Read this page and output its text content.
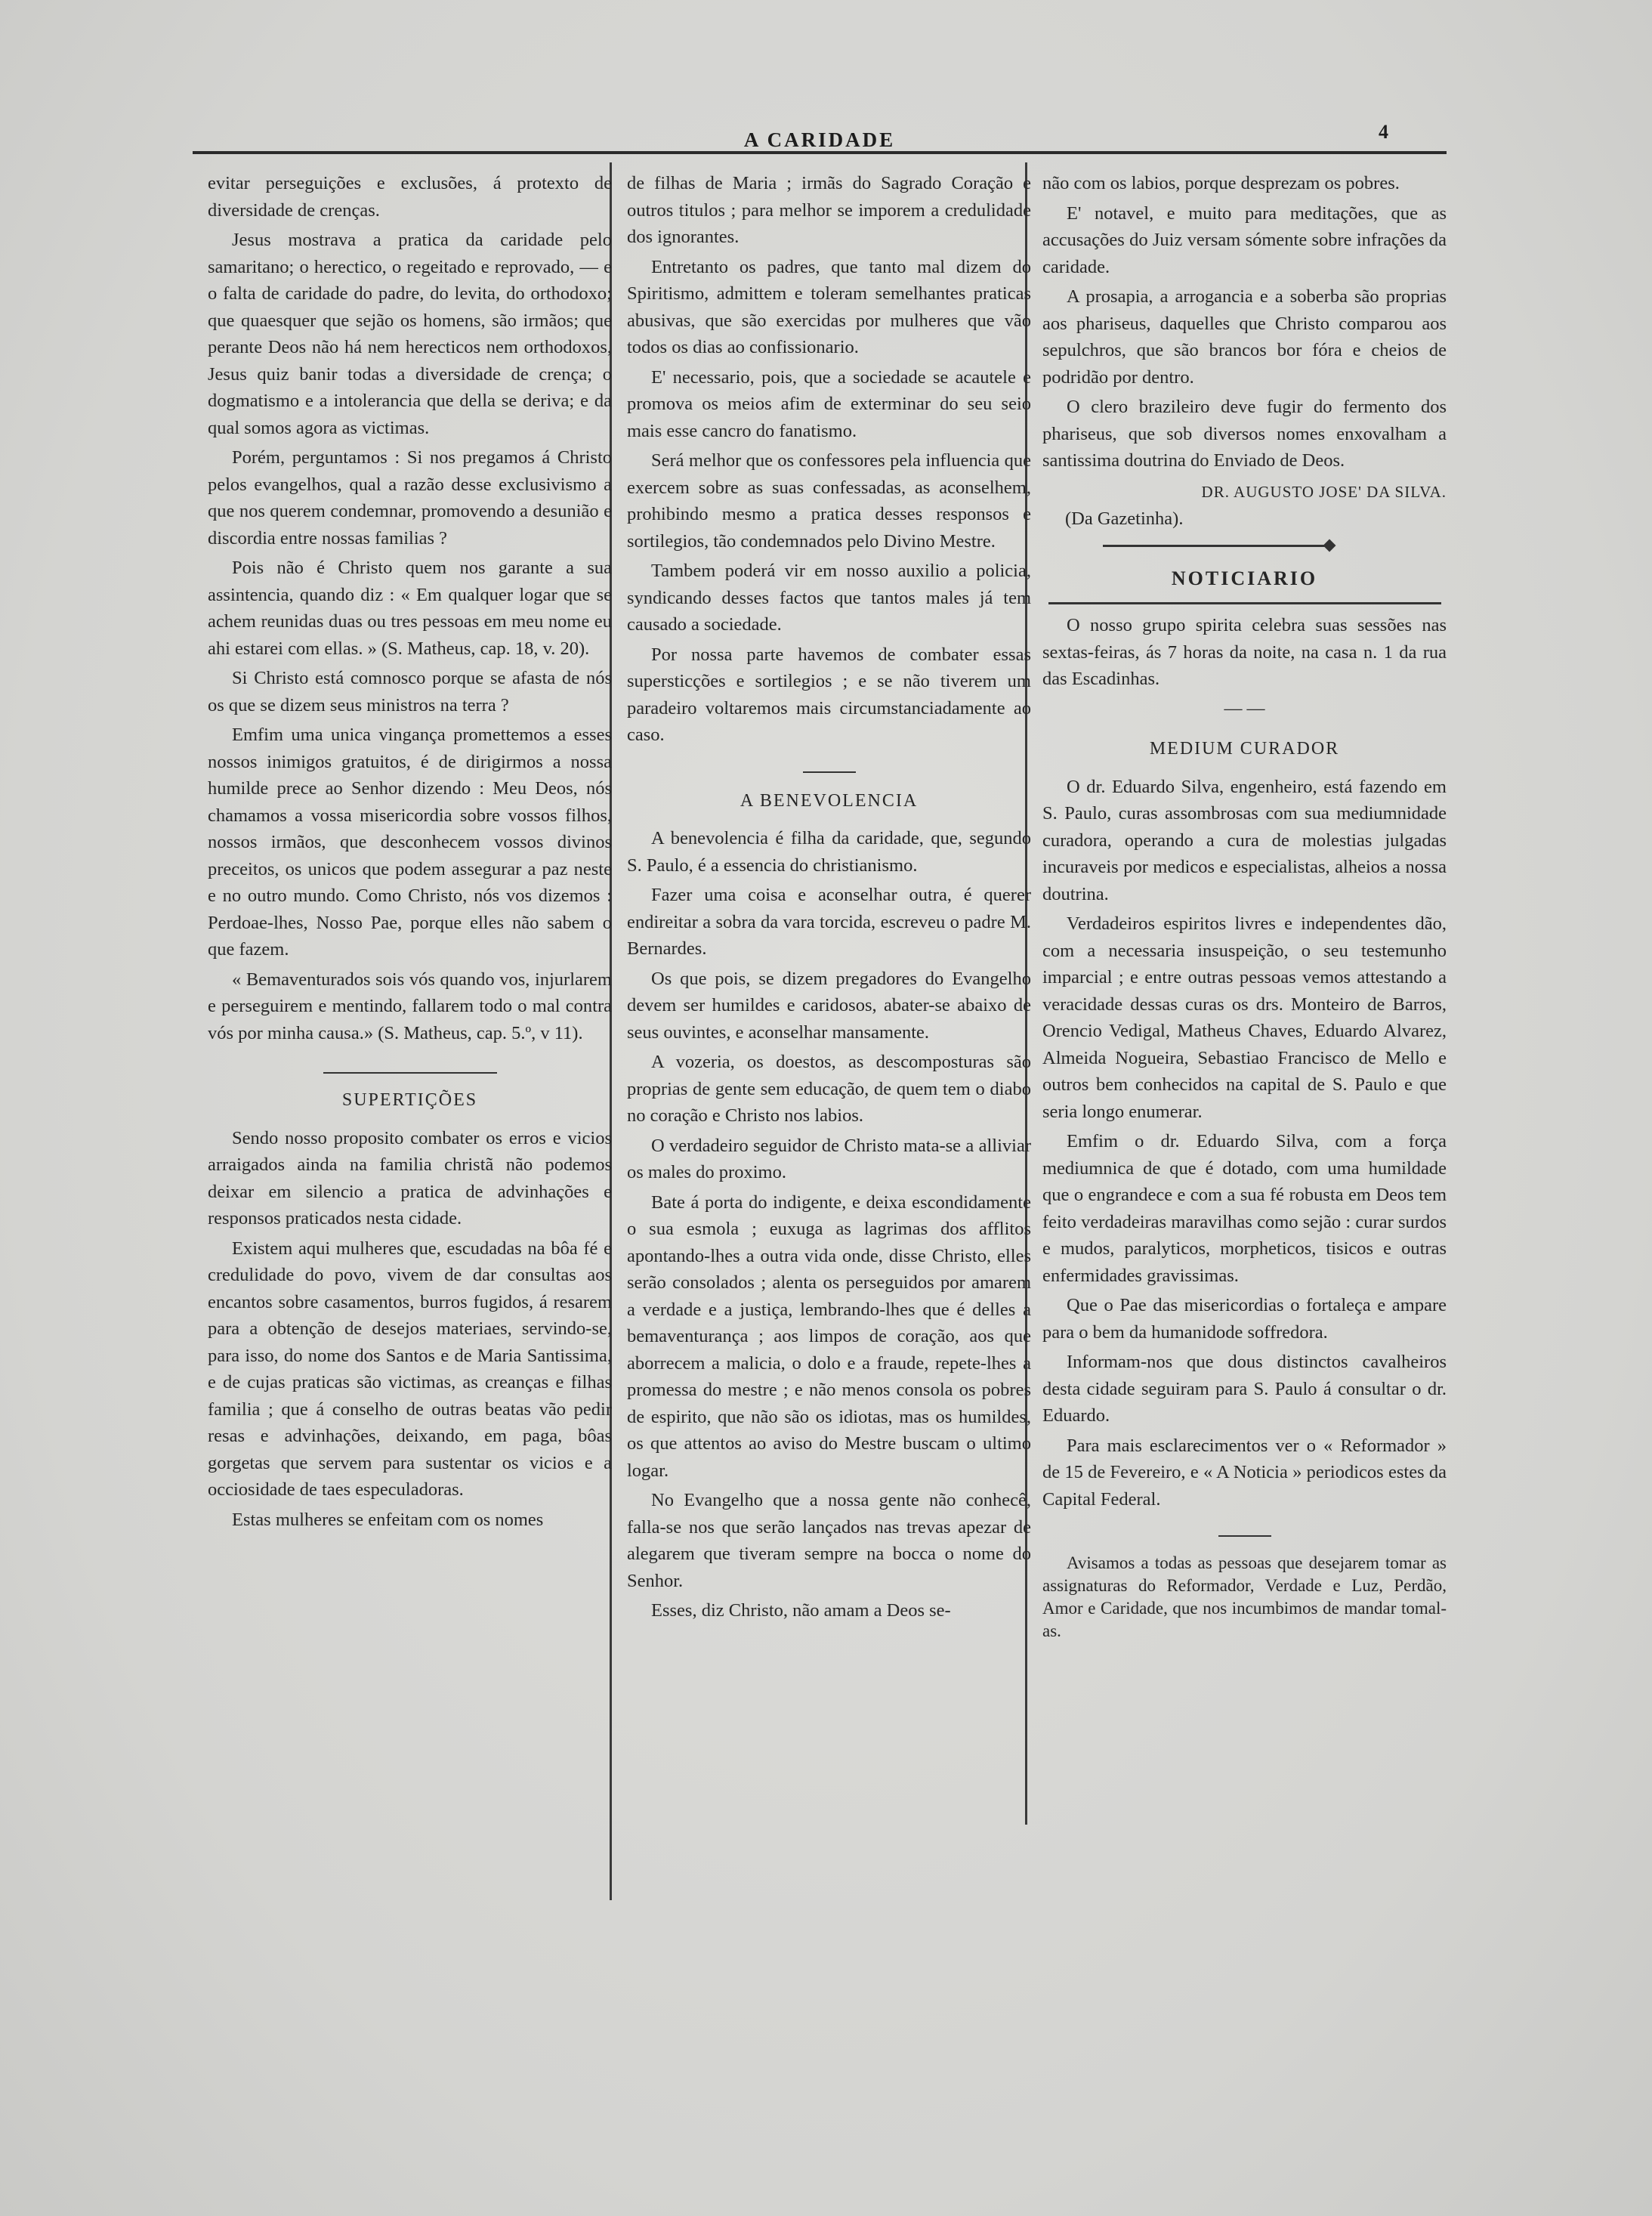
A CARIDADE	4

evitar perseguições e exclusões, á protexto de diversidade de crenças.

Jesus mostrava a pratica da caridade pelo samaritano; o herectico, o regeitado e reprovado, — e o falta de caridade do padre, do levita, do orthodoxo; que quaesquer que sejão os homens, são irmãos; que perante Deos não há nem herecticos nem orthodoxos, Jesus quiz banir todas a diversidade de crença; o dogmatismo e a intolerancia que della se deriva; e da qual somos agora as victimas.

Porém, perguntamos : Si nos pregamos á Christo pelos evangelhos, qual a razão desse exclusivismo a que nos querem condemnar, promovendo a desunião e discordia entre nossas familias ?

Pois não é Christo quem nos garante a sua assintencia, quando diz : « Em qualquer logar que se achem reunidas duas ou tres pessoas em meu nome eu ahi estarei com ellas. » (S. Matheus, cap. 18, v. 20).

Si Christo está comnosco porque se afasta de nós os que se dizem seus ministros na terra ?

Emfim uma unica vingança promettemos a esses nossos inimigos gratuitos, é de dirigirmos a nossa humilde prece ao Senhor dizendo : Meu Deos, nós chamamos a vossa misericordia sobre vossos filhos, nossos irmãos, que desconhecem vossos divinos preceitos, os unicos que podem assegurar a paz neste e no outro mundo. Como Christo, nós vos dizemos : Perdoae-lhes, Nosso Pae, porque elles não sabem o que fazem.

« Bemaventurados sois vós quando vos, injurlarem e perseguirem e mentindo, fallarem todo o mal contra vós por minha causa.» (S. Matheus, cap. 5.º, v 11).

SUPERTIÇÕES

Sendo nosso proposito combater os erros e vicios arraigados ainda na familia christã não podemos deixar em silencio a pratica de advinhações e responsos praticados nesta cidade.

Existem aqui mulheres que, escudadas na bôa fé e credulidade do povo, vivem de dar consultas aos encantos sobre casamentos, burros fugidos, á resarem para a obtenção de desejos materiaes, servindo-se, para isso, do nome dos Santos e de Maria Santissima, e de cujas praticas são victimas, as creanças e filhas familia ; que á conselho de outras beatas vão pedir resas e advinhações, deixando, em paga, bôas gorgetas que servem para sustentar os vicios e a occiosidade de taes especuladoras.

Estas mulheres se enfeitam com os nomes

de filhas de Maria ; irmãs do Sagrado Coração e outros titulos ; para melhor se imporem a credulidade dos ignorantes.

Entretanto os padres, que tanto mal dizem do Spiritismo, admittem e toleram semelhantes praticas abusivas, que são exercidas por mulheres que vão todos os dias ao confissionario.

E' necessario, pois, que a sociedade se acautele e promova os meios afim de exterminar do seu seio mais esse cancro do fanatismo.

Será melhor que os confessores pela influencia que exercem sobre as suas confessadas, as aconselhem, prohibindo mesmo a pratica desses responsos e sortilegios, tão condemnados pelo Divino Mestre.

Tambem poderá vir em nosso auxilio a policia, syndicando desses factos que tantos males já tem causado a sociedade.

Por nossa parte havemos de combater essas supersticções e sortilegios ; e se não tiverem um paradeiro voltaremos mais circumstanciadamente ao caso.

A BENEVOLENCIA

A benevolencia é filha da caridade, que, segundo S. Paulo, é a essencia do christianismo.

Fazer uma coisa e aconselhar outra, é querer endireitar a sobra da vara torcida, escreveu o padre M. Bernardes.

Os que pois, se dizem pregadores do Evangelho devem ser humildes e caridosos, abater-se abaixo de seus ouvintes, e aconselhar mansamente.

A vozeria, os doestos, as descomposturas são proprias de gente sem educação, de quem tem o diabo no coração e Christo nos labios.

O verdadeiro seguidor de Christo mata-se a alliviar os males do proximo.

Bate á porta do indigente, e deixa escondidamente o sua esmola ; euxuga as lagrimas dos afflitos apontando-lhes a outra vida onde, disse Christo, elles serão consolados ; alenta os perseguidos por amarem a verdade e a justiça, lembrando-lhes que é delles a bemaventurança ; aos limpos de coração, aos que aborrecem a malicia, o dolo e a fraude, repete-lhes a promessa do mestre ; e não menos consola os pobres de espirito, que não são os idiotas, mas os humildes, os que attentos ao aviso do Mestre buscam o ultimo logar.

No Evangelho que a nossa gente não conhecê, falla-se nos que serão lançados nas trevas apezar de alegarem que tiveram sempre na bocca o nome do Senhor.

Esses, diz Christo, não amam a Deos se-

não com os labios, porque desprezam os pobres.

E' notavel, e muito para meditações, que as accusações do Juiz versam sómente sobre infrações da caridade.

A prosapia, a arrogancia e a soberba são proprias aos phariseus, daquelles que Christo comparou aos sepulchros, que são brancos bor fóra e cheios de podridão por dentro.

O clero brazileiro deve fugir do fermento dos phariseus, que sob diversos nomes enxovalham a santissima doutrina do Enviado de Deos.

DR. AUGUSTO JOSE' DA SILVA.
(Da Gazetinha).
NOTICIARIO

O nosso grupo spirita celebra suas sessões nas sextas-feiras, ás 7 horas da noite, na casa n. 1 da rua das Escadinhas.

— —
MEDIUM CURADOR

O dr. Eduardo Silva, engenheiro, está fazendo em S. Paulo, curas assombrosas com sua mediumnidade curadora, operando a cura de molestias julgadas incuraveis por medicos e especialistas, alheios a nossa doutrina.

Verdadeiros espiritos livres e independentes dão, com a necessaria insuspeição, o seu testemunho imparcial ; e entre outras pessoas vemos attestando a veracidade dessas curas os drs. Monteiro de Barros, Orencio Vedigal, Matheus Chaves, Eduardo Alvarez, Almeida Nogueira, Sebastiao Francisco de Mello e outros bem conhecidos na capital de S. Paulo e que seria longo enumerar.

Emfim o dr. Eduardo Silva, com a força mediumnica de que é dotado, com uma humildade que o engrandece e com a sua fé robusta em Deos tem feito verdadeiras maravilhas como sejão : curar surdos e mudos, paralyticos, morpheticos, tisicos e outras enfermidades gravissimas.

Que o Pae das misericordias o fortaleça e ampare para o bem da humanidode soffredora.

Informam-nos que dous distinctos cavalheiros desta cidade seguiram para S. Paulo á consultar o dr. Eduardo.

Para mais esclarecimentos ver o « Reformador » de 15 de Fevereiro, e « A Noticia » periodicos estes da Capital Federal.

Avisamos a todas as pessoas que desejarem tomar as assignaturas do Reformador, Verdade e Luz, Perdão, Amor e Caridade, que nos incumbimos de mandar tomal-as.
